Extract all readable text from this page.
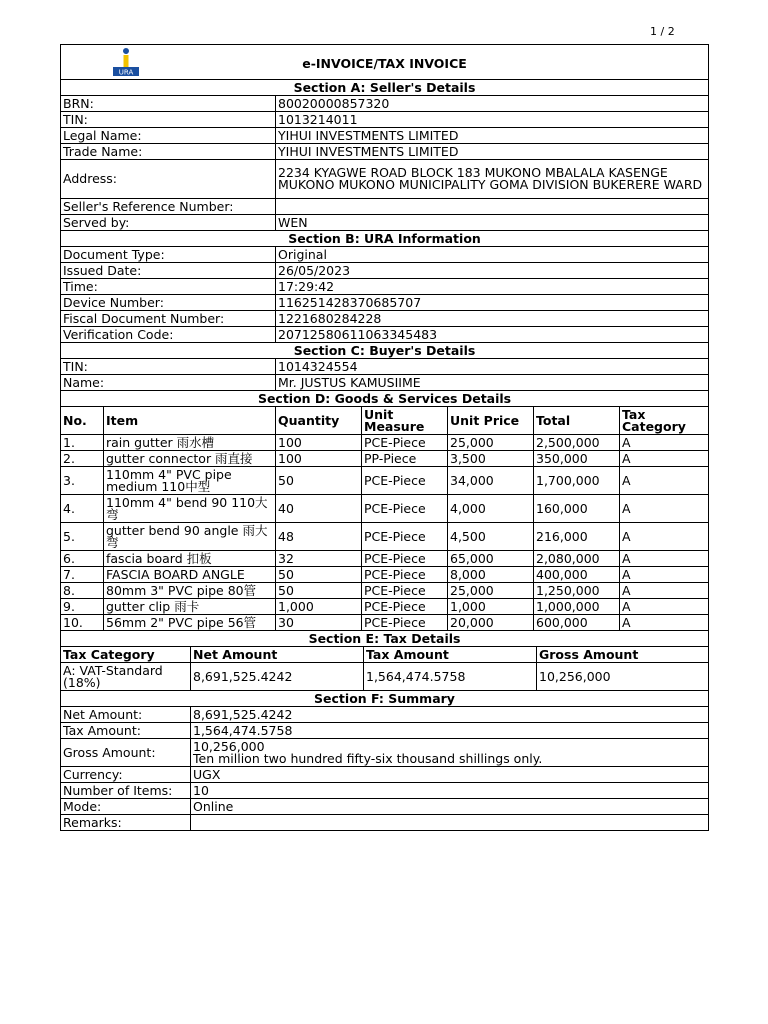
1 / 2
URA
e-INVOICE/TAX INVOICE	

Section A: Seller's Details	
BRN:	80020000857320
TIN:	1013214011
Legal Name:	YIHUI INVESTMENTS LIMITED
Trade Name:	YIHUI INVESTMENTS LIMITED
Address:	2234 KYAGWE ROAD BLOCK 183 MUKONO MBALALA KASENGE MUKONO MUKONO MUNICIPALITY GOMA DIVISION BUKERERE WARD
Seller's Reference Number:	
Served by:	WEN
Section B: URA Information	
Document Type:	Original
Issued Date:	26/05/2023
Time:	17:29:42
Device Number:	116251428370685707
Fiscal Document Number:	1221680284228
Verification Code:	20712580611063345483
Section C: Buyer's Details	
TIN:	1014324554
Name:	Mr. JUSTUS KAMUSIIME
Section D: Goods & Services Details						
No.	Item	Quantity	Unit Measure	Unit Price	Total	Tax Category
1.	rain gutter 雨水槽	100	PCE-Piece	25,000	2,500,000	A
2.	gutter connector 雨直接	100	PP-Piece	3,500	350,000	A
3.	110mm 4" PVC pipe medium 110中型	50	PCE-Piece	34,000	1,700,000	A
4.	110mm 4" bend 90 110大弯	40	PCE-Piece	4,000	160,000	A
5.	gutter bend 90 angle 雨大弯	48	PCE-Piece	4,500	216,000	A
6.	fascia board 扣板	32	PCE-Piece	65,000	2,080,000	A
7.	FASCIA BOARD ANGLE	50	PCE-Piece	8,000	400,000	A
8.	80mm 3" PVC pipe 80管	50	PCE-Piece	25,000	1,250,000	A
9.	gutter clip 雨卡	1,000	PCE-Piece	1,000	1,000,000	A
10.	56mm 2" PVC pipe 56管	30	PCE-Piece	20,000	600,000	A
Section E: Tax Details			
Tax Category	Net Amount	Tax Amount	Gross Amount
A: VAT-Standard (18%)	8,691,525.4242	1,564,474.5758	10,256,000
Section F: Summary	
Net Amount:	8,691,525.4242
Tax Amount:	1,564,474.5758
Gross Amount:	10,256,000
Ten million two hundred fifty-six thousand shillings only.

Currency:	UGX
Number of Items:	10
Mode:	Online
Remarks:	
